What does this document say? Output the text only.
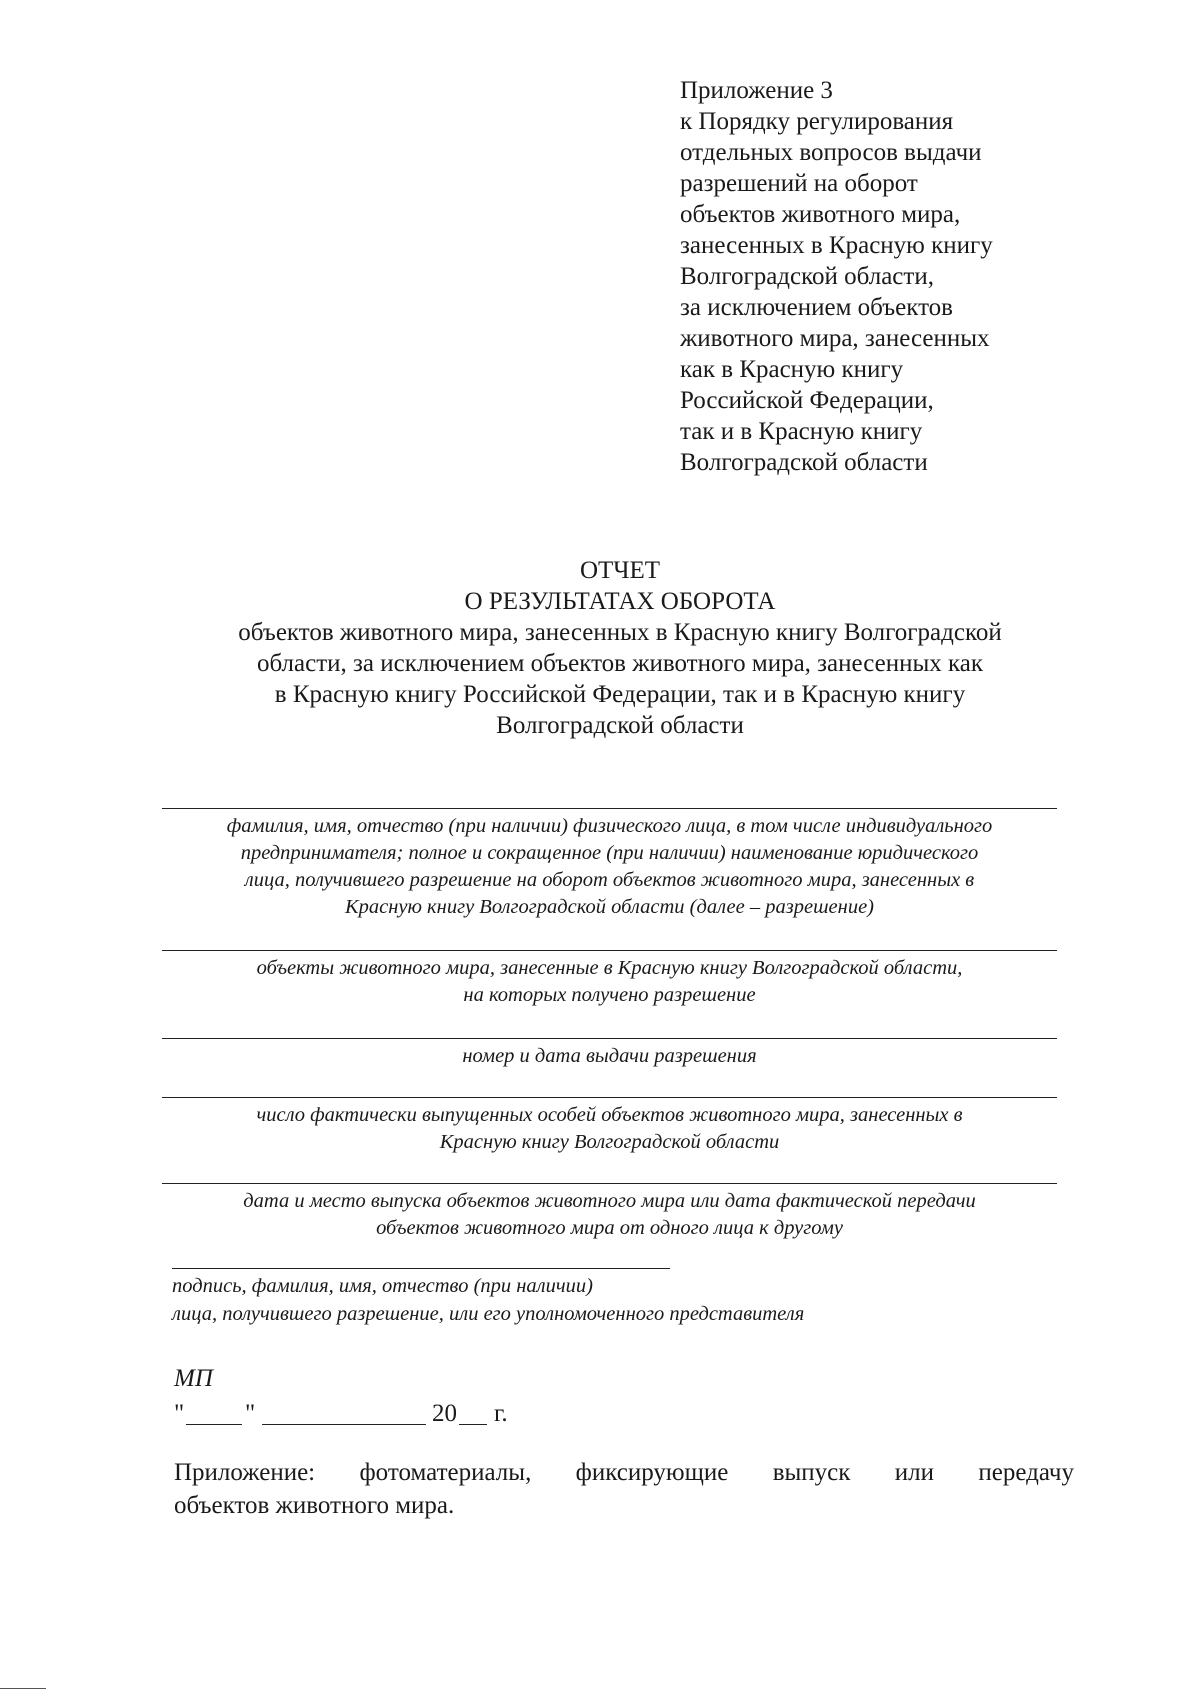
Приложение 3
к Порядку регулирования
отдельных вопросов выдачи
разрешений на оборот
объектов животного мира,
занесенных в Красную книгу
Волгоградской области,
за исключением объектов
животного мира, занесенных
как в Красную книгу
Российской Федерации,
так и в Красную книгу
Волгоградской области
ОТЧЕТ
О РЕЗУЛЬТАТАХ ОБОРОТА
объектов животного мира, занесенных в Красную книгу Волгоградской
области, за исключением объектов животного мира, занесенных как
в Красную книгу Российской Федерации, так и в Красную книгу
Волгоградской области
фамилия, имя, отчество (при наличии) физического лица, в том числе индивидуального
предпринимателя; полное и сокращенное (при наличии) наименование юридического
лица, получившего разрешение на оборот объектов животного мира, занесенных в
Красную книгу Волгоградской области (далее – разрешение)
объекты животного мира, занесенные в Красную книгу Волгоградской области,
на которых получено разрешение
номер и дата выдачи разрешения
число фактически выпущенных особей объектов животного мира, занесенных в
Красную книгу Волгоградской области
дата и место выпуска объектов животного мира или дата фактической передачи
объектов животного мира от одного лица к другому
подпись, фамилия, имя, отчество (при наличии)
лица, получившего разрешение, или его уполномоченного представителя
МП
" "	20 г.
Приложение: фотоматериалы, фиксирующие выпуск или передачу
объектов животного мира.
